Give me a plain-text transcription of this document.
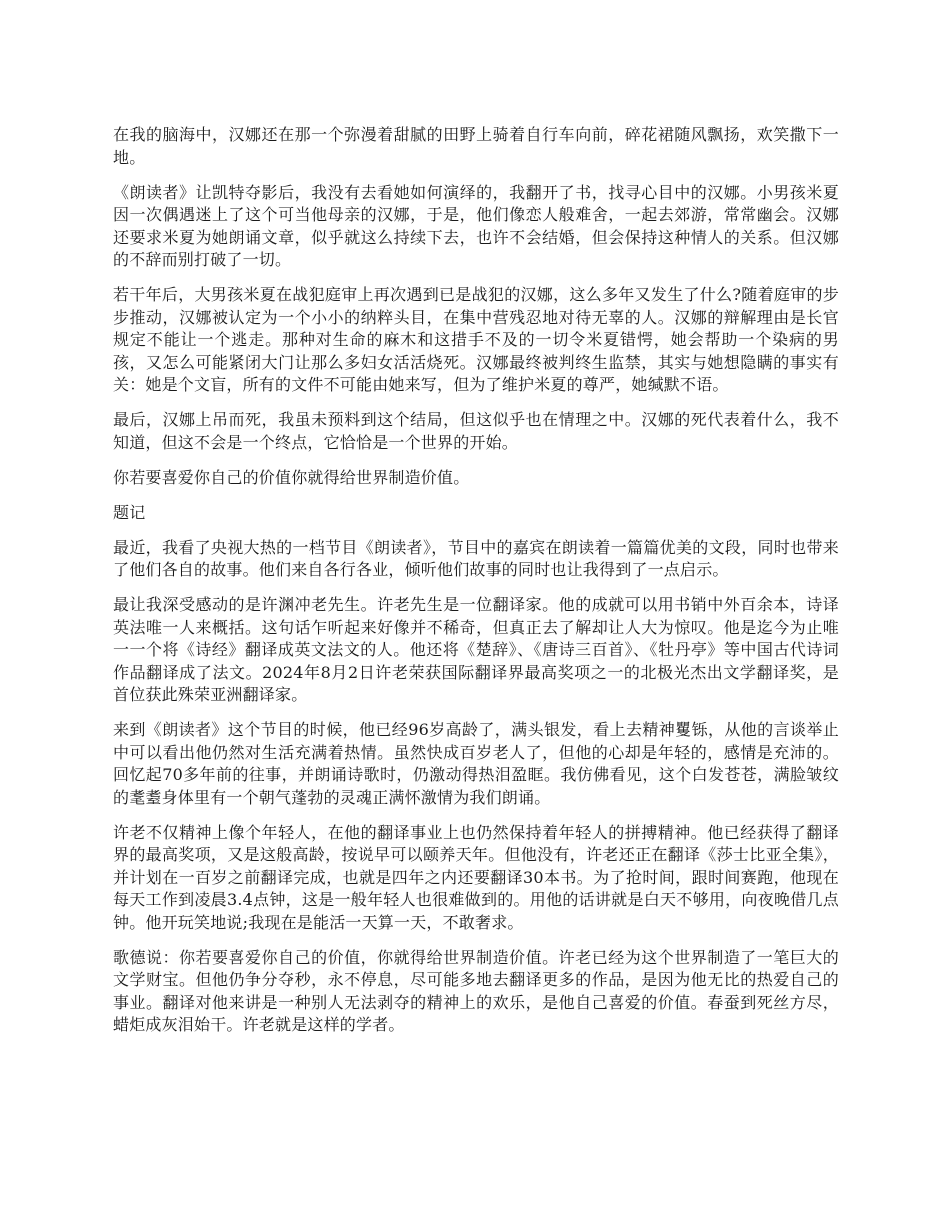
在我的脑海中，汉娜还在那一个弥漫着甜腻的田野上骑着自行车向前，碎花裙随风飘扬，欢笑撒下一地。

《朗读者》让凯特夺影后，我没有去看她如何演绎的，我翻开了书，找寻心目中的汉娜。小男孩米夏因一次偶遇迷上了这个可当他母亲的汉娜，于是，他们像恋人般难舍，一起去郊游，常常幽会。汉娜还要求米夏为她朗诵文章，似乎就这么持续下去，也许不会结婚，但会保持这种情人的关系。但汉娜的不辞而别打破了一切。

若干年后，大男孩米夏在战犯庭审上再次遇到已是战犯的汉娜，这么多年又发生了什么?随着庭审的步步推动，汉娜被认定为一个小小的纳粹头目，在集中营残忍地对待无辜的人。汉娜的辩解理由是长官规定不能让一个逃走。那种对生命的麻木和这措手不及的一切令米夏错愕，她会帮助一个染病的男孩，又怎么可能紧闭大门让那么多妇女活活烧死。汉娜最终被判终生监禁，其实与她想隐瞒的事实有关：她是个文盲，所有的文件不可能由她来写，但为了维护米夏的尊严，她缄默不语。

最后，汉娜上吊而死，我虽未预料到这个结局，但这似乎也在情理之中。汉娜的死代表着什么，我不知道，但这不会是一个终点，它恰恰是一个世界的开始。

你若要喜爱你自己的价值你就得给世界制造价值。

题记

最近，我看了央视大热的一档节目《朗读者》，节目中的嘉宾在朗读着一篇篇优美的文段，同时也带来了他们各自的故事。他们来自各行各业，倾听他们故事的同时也让我得到了一点启示。

最让我深受感动的是许渊冲老先生。许老先生是一位翻译家。他的成就可以用书销中外百余本，诗译英法唯一人来概括。这句话乍听起来好像并不稀奇，但真正去了解却让人大为惊叹。他是迄今为止唯一一个将《诗经》翻译成英文法文的人。他还将《楚辞》、《唐诗三百首》、《牡丹亭》等中国古代诗词作品翻译成了法文。2024年8月2日许老荣获国际翻译界最高奖项之一的北极光杰出文学翻译奖，是首位获此殊荣亚洲翻译家。

来到《朗读者》这个节目的时候，他已经96岁高龄了，满头银发，看上去精神矍铄，从他的言谈举止中可以看出他仍然对生活充满着热情。虽然快成百岁老人了，但他的心却是年轻的，感情是充沛的。回忆起70多年前的往事，并朗诵诗歌时，仍激动得热泪盈眶。我仿佛看见，这个白发苍苍，满脸皱纹的耄耋身体里有一个朝气蓬勃的灵魂正满怀激情为我们朗诵。

许老不仅精神上像个年轻人，在他的翻译事业上也仍然保持着年轻人的拼搏精神。他已经获得了翻译界的最高奖项，又是这般高龄，按说早可以颐养天年。但他没有，许老还正在翻译《莎士比亚全集》，并计划在一百岁之前翻译完成，也就是四年之内还要翻译30本书。为了抢时间，跟时间赛跑，他现在每天工作到凌晨3.4点钟，这是一般年轻人也很难做到的。用他的话讲就是白天不够用，向夜晚借几点钟。他开玩笑地说;我现在是能活一天算一天，不敢奢求。

歌德说：你若要喜爱你自己的价值，你就得给世界制造价值。许老已经为这个世界制造了一笔巨大的文学财宝。但他仍争分夺秒，永不停息，尽可能多地去翻译更多的作品，是因为他无比的热爱自己的事业。翻译对他来讲是一种别人无法剥夺的精神上的欢乐，是他自己喜爱的价值。春蚕到死丝方尽，蜡炬成灰泪始干。许老就是这样的学者。
